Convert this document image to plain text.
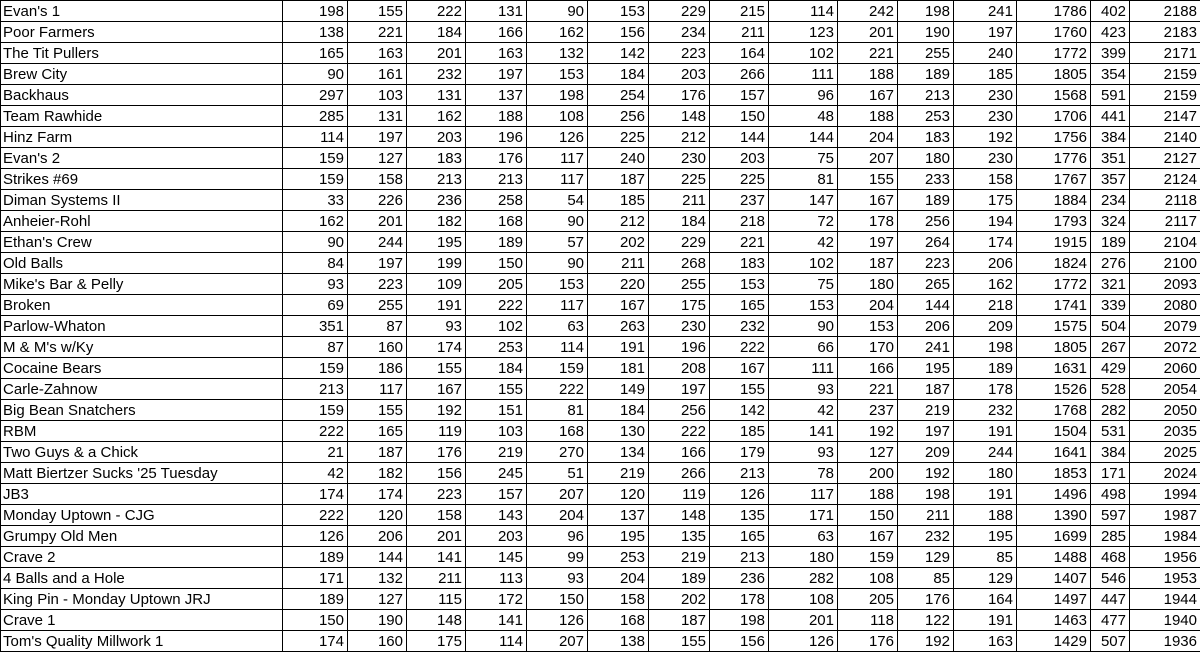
Evan's 1	198	155	222	131	90	153	229	215	114	242	198	241	1786	402	2188
Poor Farmers	138	221	184	166	162	156	234	211	123	201	190	197	1760	423	2183
The Tit Pullers	165	163	201	163	132	142	223	164	102	221	255	240	1772	399	2171
Brew City	90	161	232	197	153	184	203	266	111	188	189	185	1805	354	2159
Backhaus	297	103	131	137	198	254	176	157	96	167	213	230	1568	591	2159
Team Rawhide	285	131	162	188	108	256	148	150	48	188	253	230	1706	441	2147
Hinz Farm	114	197	203	196	126	225	212	144	144	204	183	192	1756	384	2140
Evan's 2	159	127	183	176	117	240	230	203	75	207	180	230	1776	351	2127
Strikes #69	159	158	213	213	117	187	225	225	81	155	233	158	1767	357	2124
Diman Systems II	33	226	236	258	54	185	211	237	147	167	189	175	1884	234	2118
Anheier-Rohl	162	201	182	168	90	212	184	218	72	178	256	194	1793	324	2117
Ethan's Crew	90	244	195	189	57	202	229	221	42	197	264	174	1915	189	2104
Old Balls	84	197	199	150	90	211	268	183	102	187	223	206	1824	276	2100
Mike's Bar & Pelly	93	223	109	205	153	220	255	153	75	180	265	162	1772	321	2093
Broken	69	255	191	222	117	167	175	165	153	204	144	218	1741	339	2080
Parlow-Whaton	351	87	93	102	63	263	230	232	90	153	206	209	1575	504	2079
M & M's w/Ky	87	160	174	253	114	191	196	222	66	170	241	198	1805	267	2072
Cocaine Bears	159	186	155	184	159	181	208	167	111	166	195	189	1631	429	2060
Carle-Zahnow	213	117	167	155	222	149	197	155	93	221	187	178	1526	528	2054
Big Bean Snatchers	159	155	192	151	81	184	256	142	42	237	219	232	1768	282	2050
RBM	222	165	119	103	168	130	222	185	141	192	197	191	1504	531	2035
Two Guys & a Chick	21	187	176	219	270	134	166	179	93	127	209	244	1641	384	2025
Matt Biertzer Sucks '25 Tuesday	42	182	156	245	51	219	266	213	78	200	192	180	1853	171	2024
JB3	174	174	223	157	207	120	119	126	117	188	198	191	1496	498	1994
Monday Uptown - CJG	222	120	158	143	204	137	148	135	171	150	211	188	1390	597	1987
Grumpy Old Men	126	206	201	203	96	195	135	165	63	167	232	195	1699	285	1984
Crave 2	189	144	141	145	99	253	219	213	180	159	129	85	1488	468	1956
4 Balls and a Hole	171	132	211	113	93	204	189	236	282	108	85	129	1407	546	1953
King Pin - Monday Uptown JRJ	189	127	115	172	150	158	202	178	108	205	176	164	1497	447	1944
Crave 1	150	190	148	141	126	168	187	198	201	118	122	191	1463	477	1940
Tom's Quality Millwork 1	174	160	175	114	207	138	155	156	126	176	192	163	1429	507	1936
